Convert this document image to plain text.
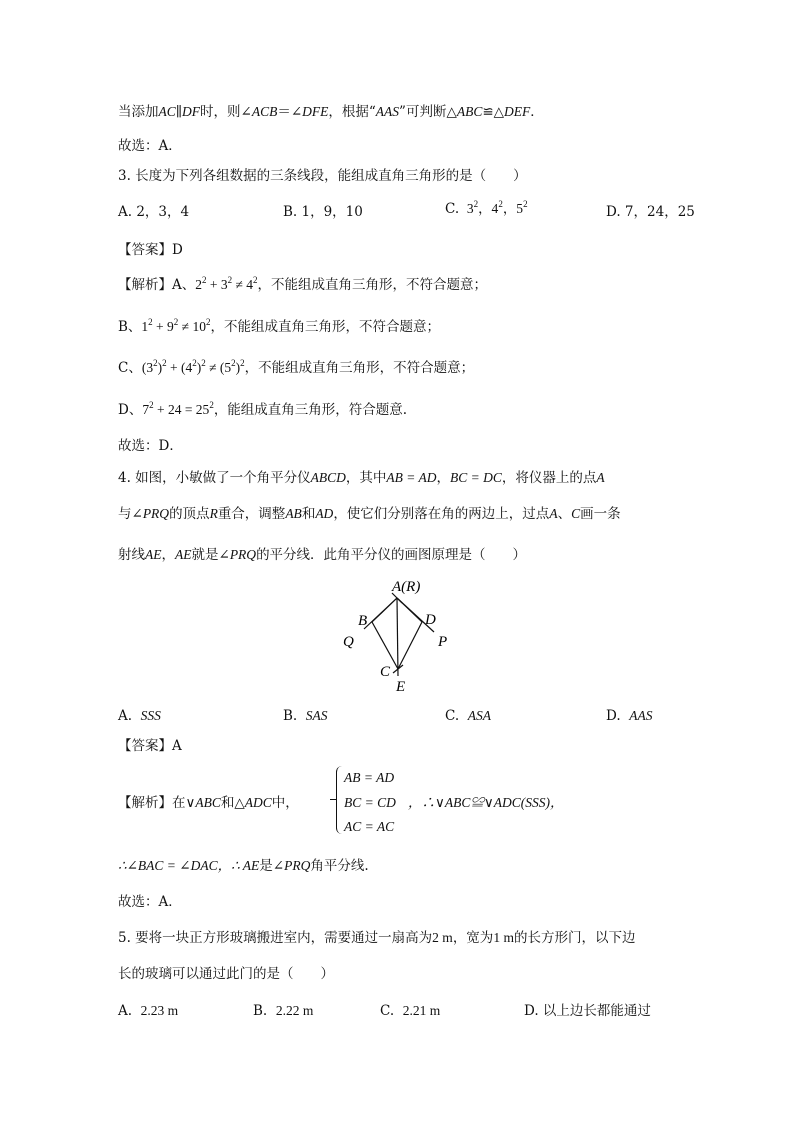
当添加AC∥DF时，则∠ACB＝∠DFE，根据“AAS”可判断△ABC≌△DEF．
故选：A．
3. 长度为下列各组数据的三条线段，能组成直角三角形的是（　　）
A. 2，3，4	B. 1，9，10	C.  $3^2$，$4^2$，$5^2$	D. 7，24，25
【答案】D
【解析】A、$2^2 + 3^2 \ne 4^2$，不能组成直角三角形，不符合题意；
B、$1^2 + 9^2 \ne 10^2$，不能组成直角三角形，不符合题意；
C、$(3^2)^2 + (4^2)^2 \ne (5^2)^2$，不能组成直角三角形，不符合题意；
D、$7^2 + 24 = 25^2$，能组成直角三角形，符合题意.
故选：D．
4. 如图，小敏做了一个角平分仪ABCD，其中AB = AD，BC = DC，将仪器上的点A
与∠PRQ的顶点R重合，调整AB和AD，使它们分别落在角的两边上，过点A、C画一条
射线AE，AE就是∠PRQ的平分线．此角平分仪的画图原理是（　　）
A(R)
B	D
Q	P
C
E
A.  SSS	B.  SAS	C.  ASA	D.  AAS
【答案】A
【解析】在∨ABC和△ADC中，
AB = AD
BC = CD
AC = AC
，∴∨ABC≌∨ADC(SSS)，
∴∠BAC = ∠DAC，∴ AE是∠PRQ角平分线.
故选：A．
5. 要将一块正方形玻璃搬进室内，需要通过一扇高为2 m，宽为1 m的长方形门，以下边
长的玻璃可以通过此门的是（　　）
A. 2.23 m	B. 2.22 m	C. 2.21 m	D. 以上边长都能通过
